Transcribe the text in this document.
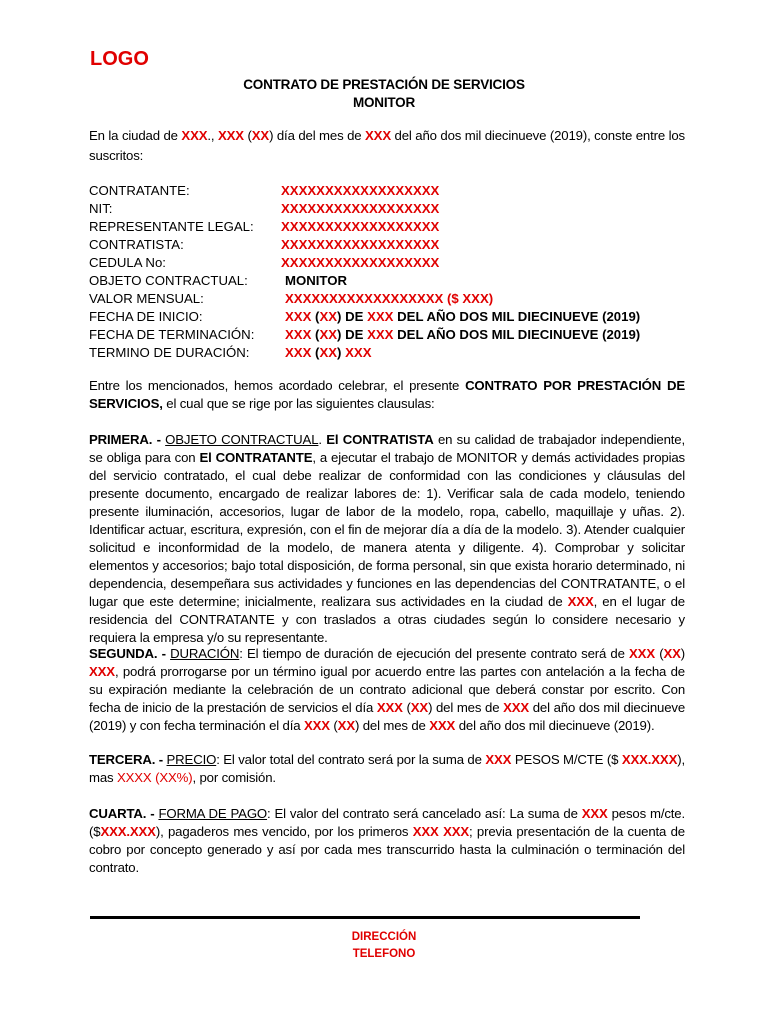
LOGO
CONTRATO DE PRESTACIÓN DE SERVICIOS
MONITOR
En la ciudad de XXX., XXX (XX) día del mes de XXX del año dos mil diecinueve (2019), conste entre los suscritos:
CONTRATANTE:	XXXXXXXXXXXXXXXXXX
NIT:	XXXXXXXXXXXXXXXXXX
REPRESENTANTE LEGAL: XXXXXXXXXXXXXXXXXX
CONTRATISTA:	XXXXXXXXXXXXXXXXXX
CEDULA No:	XXXXXXXXXXXXXXXXXX
OBJETO CONTRACTUAL:	MONITOR
VALOR MENSUAL:	XXXXXXXXXXXXXXXXXX ($ XXX)
FECHA DE INICIO:	XXX (XX) DE XXX DEL AÑO DOS MIL DIECINUEVE (2019)
FECHA DE TERMINACIÓN: XXX (XX) DE XXX DEL AÑO DOS MIL DIECINUEVE (2019)
TERMINO DE DURACIÓN:	XXX (XX) XXX
Entre los mencionados, hemos acordado celebrar, el presente CONTRATO POR PRESTACIÓN DE SERVICIOS, el cual que se rige por las siguientes clausulas:
PRIMERA. - OBJETO CONTRACTUAL. El CONTRATISTA en su calidad de trabajador independiente, se obliga para con El CONTRATANTE, a ejecutar el trabajo de MONITOR y demás actividades propias del servicio contratado, el cual debe realizar de conformidad con las condiciones y cláusulas del presente documento, encargado de realizar labores de: 1). Verificar sala de cada modelo, teniendo presente iluminación, accesorios, lugar de labor de la modelo, ropa, cabello, maquillaje y uñas. 2). Identificar actuar, escritura, expresión, con el fin de mejorar día a día de la modelo. 3). Atender cualquier solicitud e inconformidad de la modelo, de manera atenta y diligente. 4). Comprobar y solicitar elementos y accesorios; bajo total disposición, de forma personal, sin que exista horario determinado, ni dependencia, desempeñara sus actividades y funciones en las dependencias del CONTRATANTE, o el lugar que este determine; inicialmente, realizara sus actividades en la ciudad de XXX, en el lugar de residencia del CONTRATANTE y con traslados a otras ciudades según lo considere necesario y requiera la empresa y/o su representante.
SEGUNDA. - DURACIÓN: El tiempo de duración de ejecución del presente contrato será de XXX (XX) XXX, podrá prorrogarse por un término igual por acuerdo entre las partes con antelación a la fecha de su expiración mediante la celebración de un contrato adicional que deberá constar por escrito. Con fecha de inicio de la prestación de servicios el día XXX (XX) del mes de XXX del año dos mil diecinueve (2019) y con fecha terminación el día XXX (XX) del mes de XXX del año dos mil diecinueve (2019).
TERCERA. - PRECIO: El valor total del contrato será por la suma de XXX PESOS M/CTE ($ XXX.XXX), mas XXXX (XX%), por comisión.
CUARTA. - FORMA DE PAGO: El valor del contrato será cancelado así: La suma de XXX pesos m/cte. ($XXX.XXX), pagaderos mes vencido, por los primeros XXX XXX; previa presentación de la cuenta de cobro por concepto generado y así por cada mes transcurrido hasta la culminación o terminación del contrato.
DIRECCIÓN
TELEFONO
